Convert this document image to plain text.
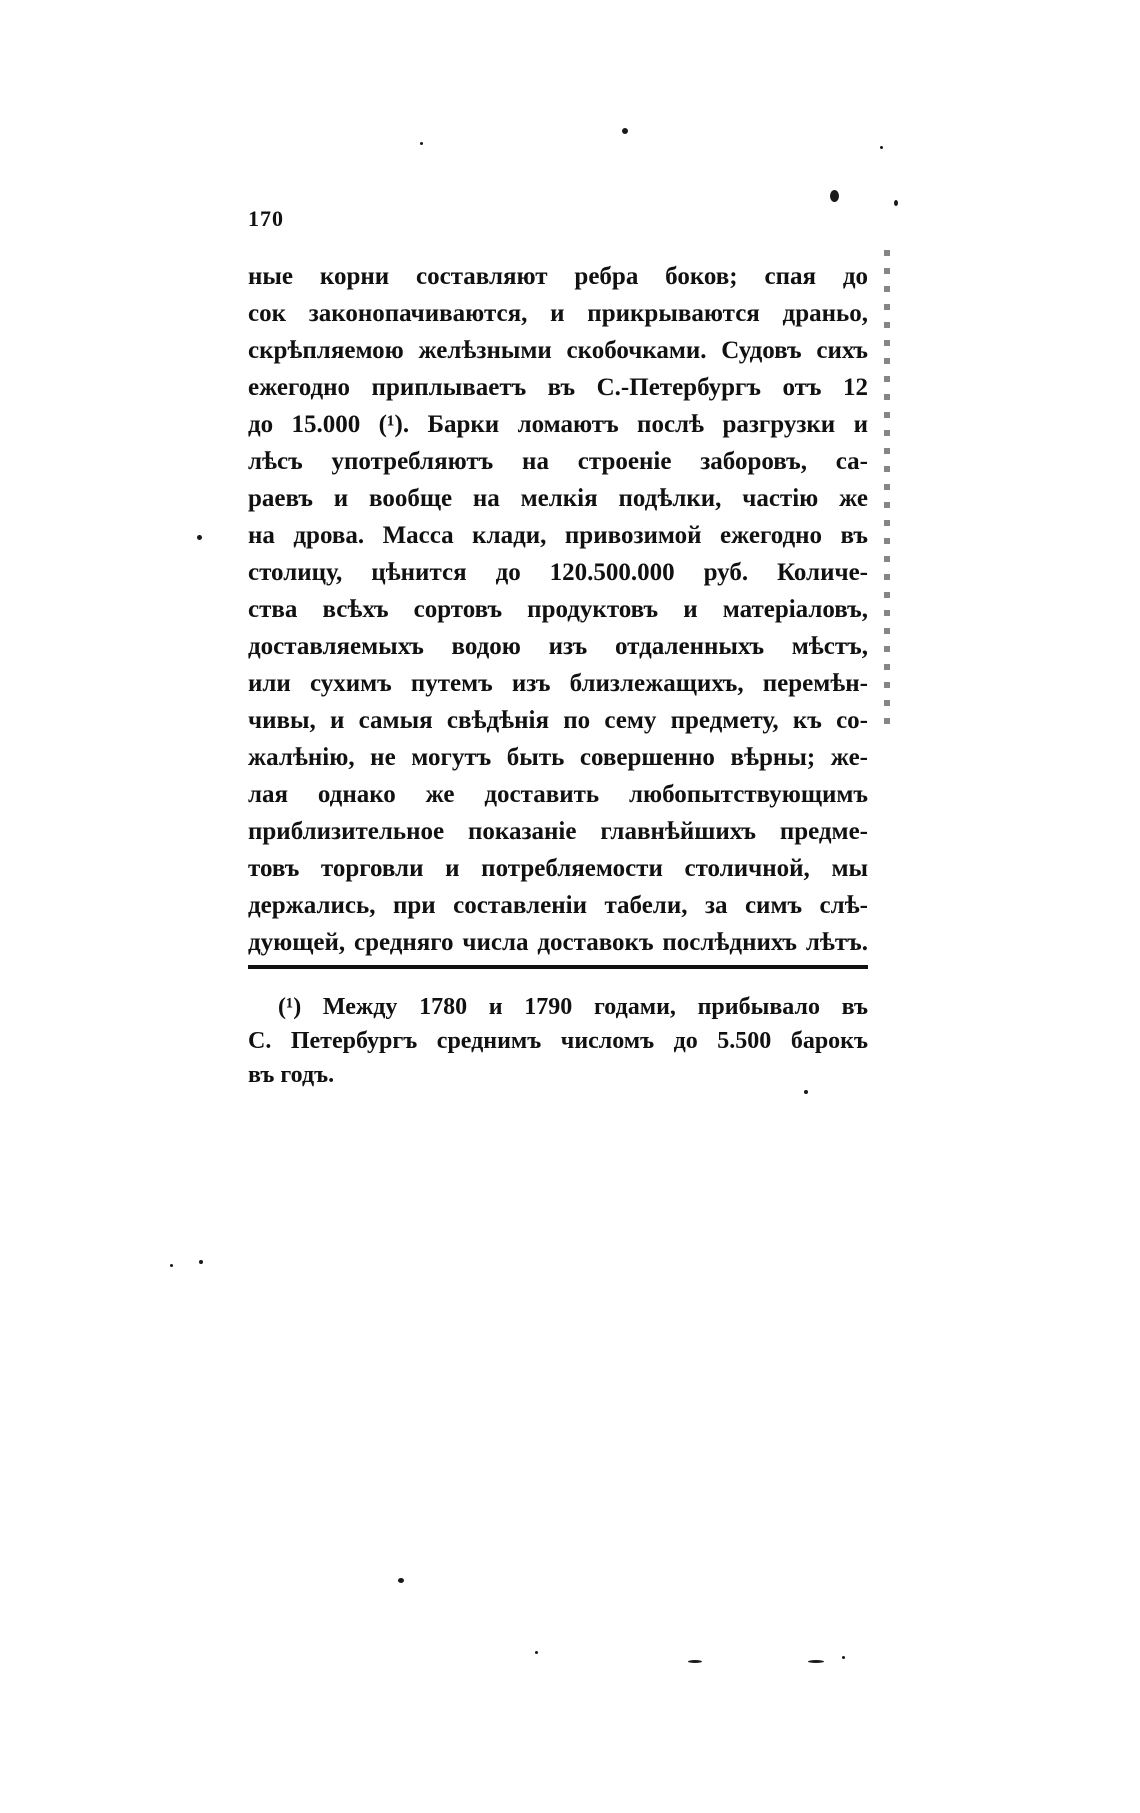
170
ные корни составляют ребра боков; спая до
сок законопачиваются, и прикрываются драньо,
скрѣпляемою желѣзными скобочками. Судовъ сихъ
ежегодно приплываетъ въ С.-Петербургъ отъ 12
до 15.000 (¹). Барки ломаютъ послѣ разгрузки и
лѣсъ употребляютъ на строеніе заборовъ, са-
раевъ и вообще на мелкія подѣлки, частію же
на дрова. Масса клади, привозимой ежегодно въ
столицу, цѣнится до 120.500.000 руб. Количе-
ства всѣхъ сортовъ продуктовъ и матеріаловъ,
доставляемыхъ водою изъ отдаленныхъ мѣстъ,
или сухимъ путемъ изъ близлежащихъ, перемѣн-
чивы, и самыя свѣдѣнія по сему предмету, къ со-
жалѣнію, не могутъ быть совершенно вѣрны; же-
лая однако же доставить любопытствующимъ
приблизительное показаніе главнѣйшихъ предме-
товъ торговли и потребляемости столичной, мы
держались, при составленіи табели, за симъ слѣ-
дующей, средняго числа доставокъ послѣднихъ лѣтъ.
(¹) Между 1780 и 1790 годами, прибывало въ
С. Петербургъ среднимъ числомъ до 5.500 барокъ
въ годъ.
